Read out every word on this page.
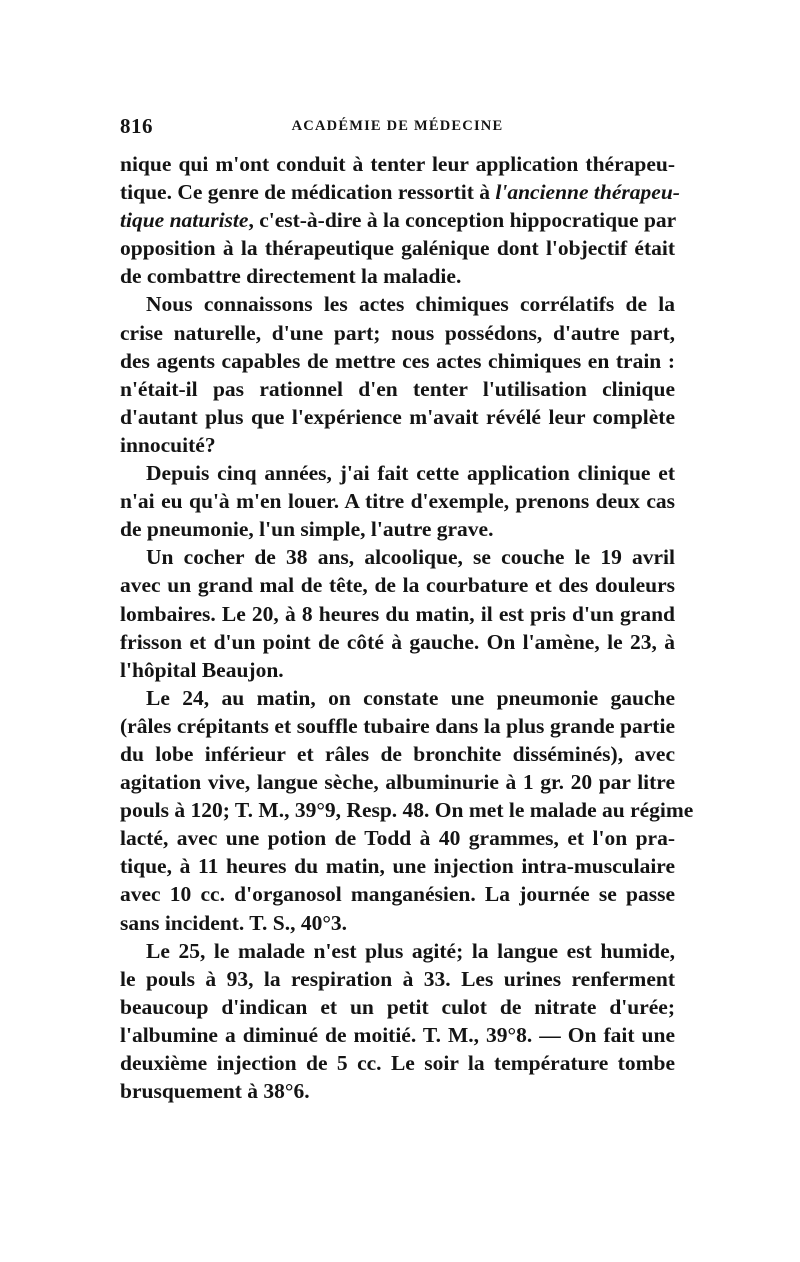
816	ACADÉMIE DE MÉDECINE
nique qui m'ont conduit à tenter leur application thérapeu-
tique. Ce genre de médication ressortit à l'ancienne thérapeu-
tique naturiste, c'est-à-dire à la conception hippocratique par
opposition à la thérapeutique galénique dont l'objectif était
de combattre directement la maladie.
Nous connaissons les actes chimiques corrélatifs de la
crise naturelle, d'une part; nous possédons, d'autre part,
des agents capables de mettre ces actes chimiques en train :
n'était-il pas rationnel d'en tenter l'utilisation clinique
d'autant plus que l'expérience m'avait révélé leur complète
innocuité?
Depuis cinq années, j'ai fait cette application clinique et
n'ai eu qu'à m'en louer. A titre d'exemple, prenons deux cas
de pneumonie, l'un simple, l'autre grave.
Un cocher de 38 ans, alcoolique, se couche le 19 avril
avec un grand mal de tête, de la courbature et des douleurs
lombaires. Le 20, à 8 heures du matin, il est pris d'un grand
frisson et d'un point de côté à gauche. On l'amène, le 23, à
l'hôpital Beaujon.
Le 24, au matin, on constate une pneumonie gauche
(râles crépitants et souffle tubaire dans la plus grande partie
du lobe inférieur et râles de bronchite disséminés), avec
agitation vive, langue sèche, albuminurie à 1 gr. 20 par litre
pouls à 120; T. M., 39°9, Resp. 48. On met le malade au régime
lacté, avec une potion de Todd à 40 grammes, et l'on pra-
tique, à 11 heures du matin, une injection intra-musculaire
avec 10 cc. d'organosol manganésien. La journée se passe
sans incident. T. S., 40°3.
Le 25, le malade n'est plus agité; la langue est humide,
le pouls à 93, la respiration à 33. Les urines renferment
beaucoup d'indican et un petit culot de nitrate d'urée;
l'albumine a diminué de moitié. T. M., 39°8. — On fait une
deuxième injection de 5 cc. Le soir la température tombe
brusquement à 38°6.
